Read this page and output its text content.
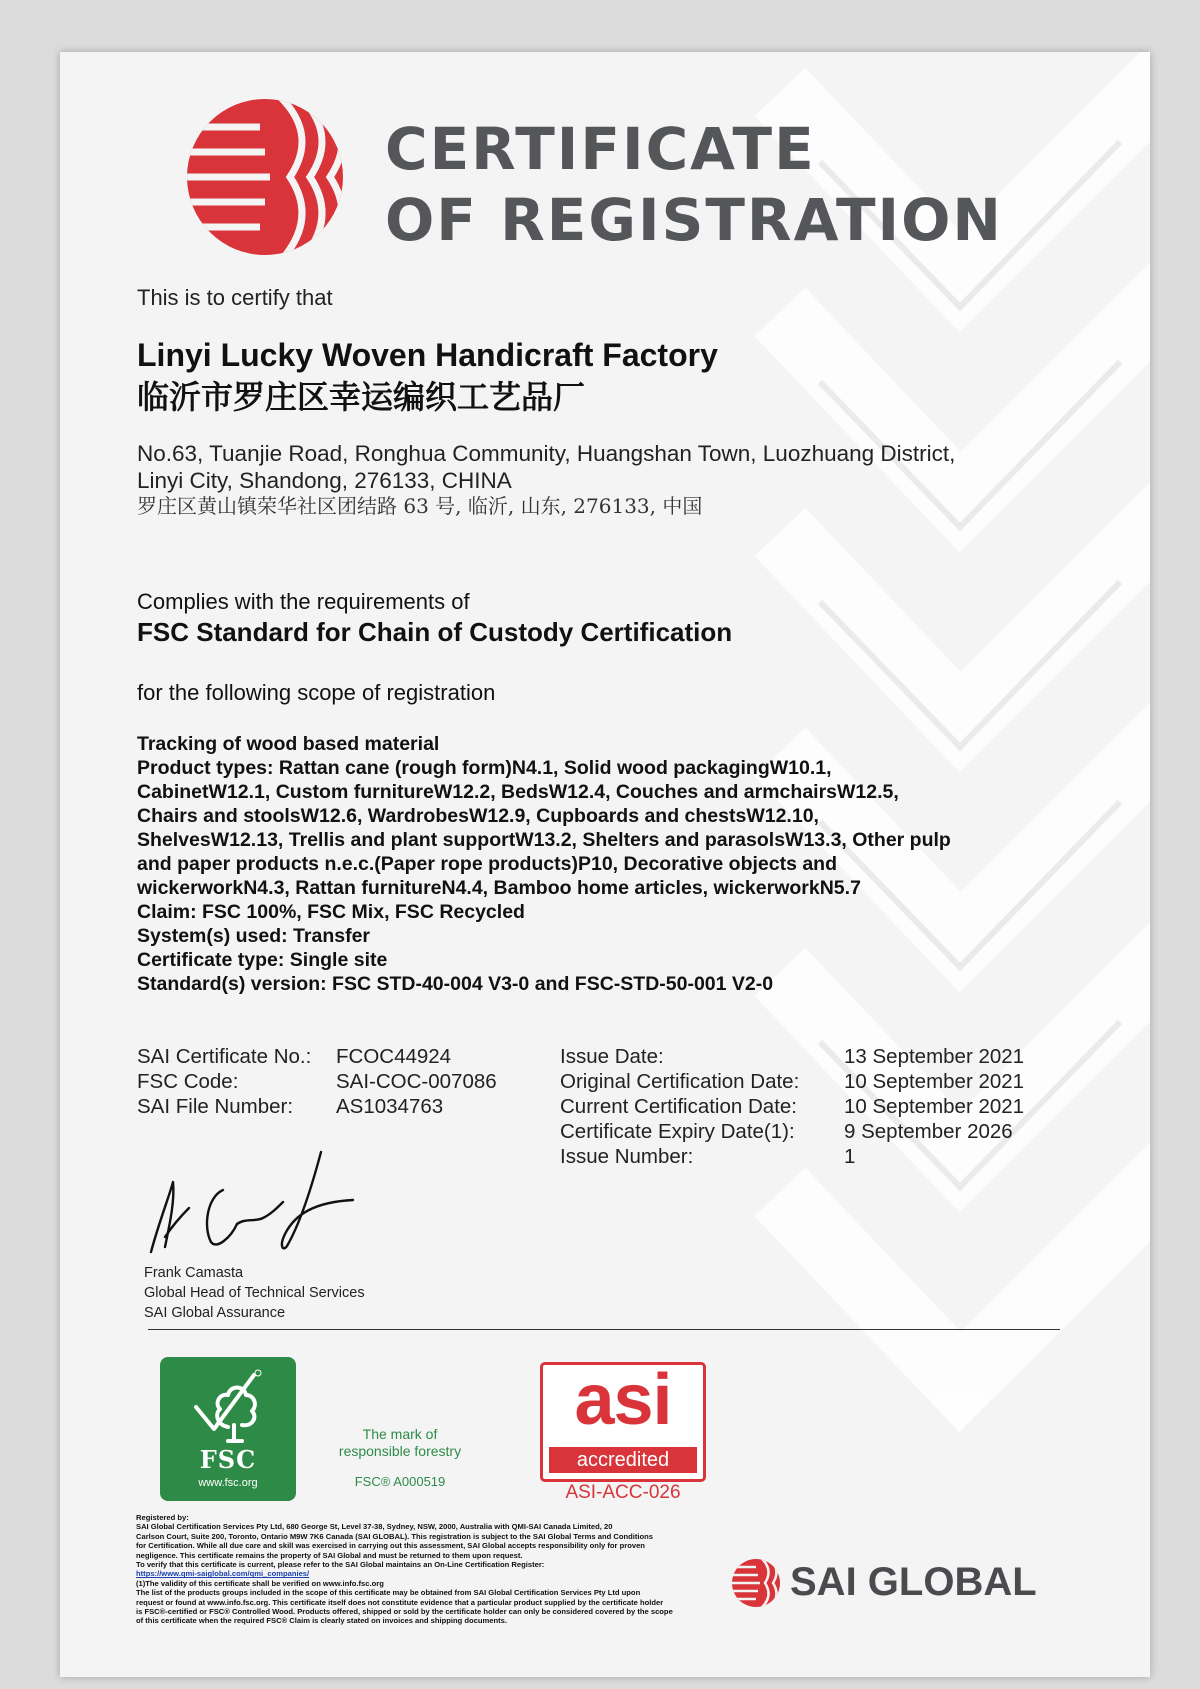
CERTIFICATE
OF REGISTRATION
This is to certify that
Linyi Lucky Woven Handicraft Factory
临沂市罗庄区幸运编织工艺品厂
No.63, Tuanjie Road, Ronghua Community, Huangshan Town, Luozhuang District,
Linyi City, Shandong, 276133, CHINA
罗庄区黄山镇荣华社区团结路 63 号, 临沂, 山东, 276133, 中国
Complies with the requirements of
FSC Standard for Chain of Custody Certification
for the following scope of registration
Tracking of wood based material
Product types: Rattan cane (rough form)N4.1, Solid wood packagingW10.1,
CabinetW12.1, Custom furnitureW12.2, BedsW12.4, Couches and armchairsW12.5,
Chairs and stoolsW12.6, WardrobesW12.9, Cupboards and chestsW12.10,
ShelvesW12.13, Trellis and plant supportW13.2, Shelters and parasolsW13.3, Other pulp
and paper products n.e.c.(Paper rope products)P10, Decorative objects and
wickerworkN4.3, Rattan furnitureN4.4, Bamboo home articles, wickerworkN5.7
Claim: FSC 100%, FSC Mix, FSC Recycled
System(s) used: Transfer
Certificate type: Single site
Standard(s) version: FSC STD-40-004 V3-0 and FSC-STD-50-001 V2-0
SAI Certificate No.:
FSC Code:
SAI File Number:
FCOC44924
SAI-COC-007086
AS1034763
Issue Date:
Original Certification Date:
Current Certification Date:
Certificate Expiry Date(1):
Issue Number:
13 September 2021
10 September 2021
10 September 2021
9 September 2026
1
Frank Camasta
Global Head of Technical Services
SAI Global Assurance
FSC
www.fsc.org
The mark of
responsible forestry
FSC® A000519
asi
accredited
ASI-ACC-026
Registered by:
SAI Global Certification Services Pty Ltd, 680 George St, Level 37-38, Sydney, NSW, 2000, Australia with QMI-SAI Canada Limited, 20
Carlson Court, Suite 200, Toronto, Ontario M9W 7K6 Canada (SAI GLOBAL). This registration is subject to the SAI Global Terms and Conditions
for Certification. While all due care and skill was exercised in carrying out this assessment, SAI Global accepts responsibility only for proven
negligence. This certificate remains the property of SAI Global and must be returned to them upon request.
To verify that this certificate is current, please refer to the SAI Global maintains an On-Line Certification Register:
https://www.qmi-saiglobal.com/qmi_companies/
(1)The validity of this certificate shall be verified on www.info.fsc.org
The list of the products groups included in the scope of this certificate may be obtained from SAI Global Certification Services Pty Ltd upon
request or found at www.info.fsc.org. This certificate itself does not constitute evidence that a particular product supplied by the certificate holder
is FSC®-certified or FSC® Controlled Wood. Products offered, shipped or sold by the certificate holder can only be considered covered by the scope
of this certificate when the required FSC® Claim is clearly stated on invoices and shipping documents.
SAI GLOBAL
